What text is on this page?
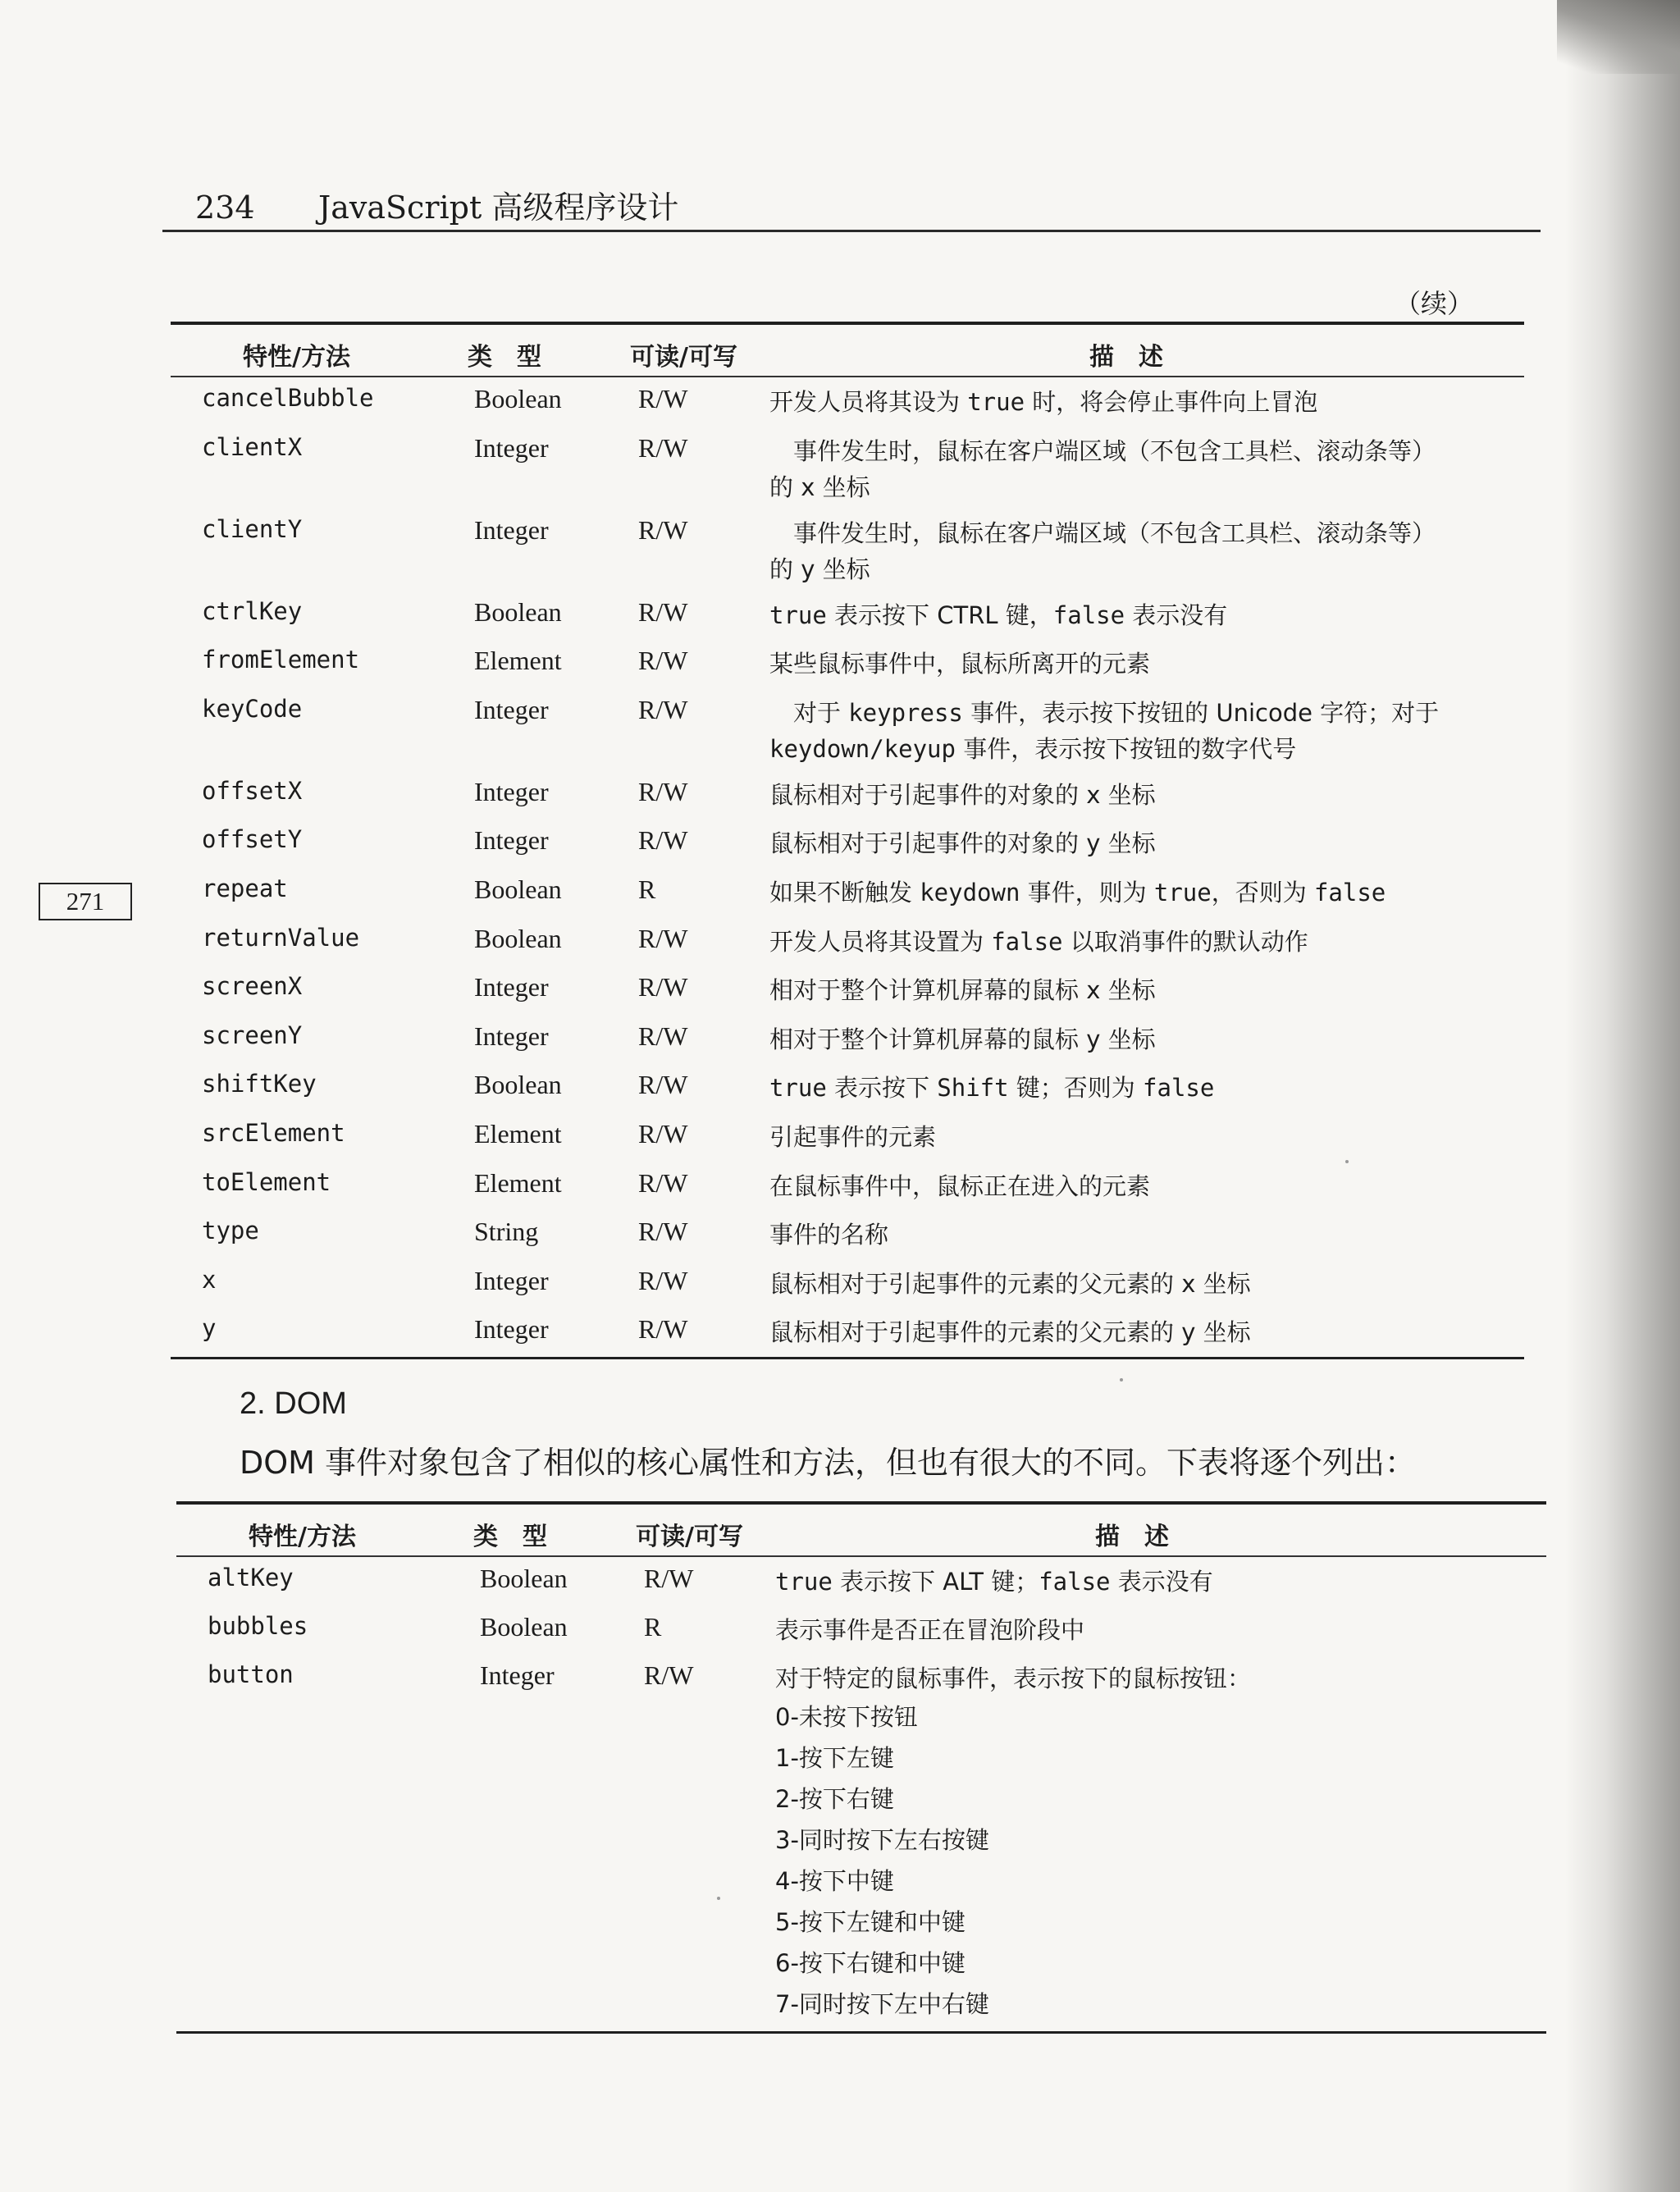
234 JavaScript 高级程序设计
（续）
271
特性/方法	类　型	可读/可写	描　述
cancelBubble	Boolean	R/W	开发人员将其设为 true 时，将会停止事件向上冒泡
clientX	Integer	R/W	　事件发生时，鼠标在客户端区域（不包含工具栏、滚动条等）
的 x 坐标
clientY	Integer	R/W	　事件发生时，鼠标在客户端区域（不包含工具栏、滚动条等）
的 y 坐标
ctrlKey	Boolean	R/W	true 表示按下 CTRL 键，false 表示没有
fromElement	Element	R/W	某些鼠标事件中，鼠标所离开的元素
keyCode	Integer	R/W	　对于 keypress 事件，表示按下按钮的 Unicode 字符；对于
keydown/keyup 事件，表示按下按钮的数字代号
offsetX	Integer	R/W	鼠标相对于引起事件的对象的 x 坐标
offsetY	Integer	R/W	鼠标相对于引起事件的对象的 y 坐标
repeat	Boolean	R	如果不断触发 keydown 事件，则为 true，否则为 false
returnValue	Boolean	R/W	开发人员将其设置为 false 以取消事件的默认动作
screenX	Integer	R/W	相对于整个计算机屏幕的鼠标 x 坐标
screenY	Integer	R/W	相对于整个计算机屏幕的鼠标 y 坐标
shiftKey	Boolean	R/W	true 表示按下 Shift 键；否则为 false
srcElement	Element	R/W	引起事件的元素
toElement	Element	R/W	在鼠标事件中，鼠标正在进入的元素
type	String	R/W	事件的名称
x	Integer	R/W	鼠标相对于引起事件的元素的父元素的 x 坐标
y	Integer	R/W	鼠标相对于引起事件的元素的父元素的 y 坐标
2. DOM
DOM 事件对象包含了相似的核心属性和方法，但也有很大的不同。下表将逐个列出：
特性/方法	类　型	可读/可写	描　述
altKey	Boolean	R/W	true 表示按下 ALT 键；false 表示没有
bubbles	Boolean	R	表示事件是否正在冒泡阶段中
button	Integer	R/W	对于特定的鼠标事件，表示按下的鼠标按钮：
0-未按下按钮
1-按下左键
2-按下右键
3-同时按下左右按键
4-按下中键
5-按下左键和中键
6-按下右键和中键
7-同时按下左中右键
